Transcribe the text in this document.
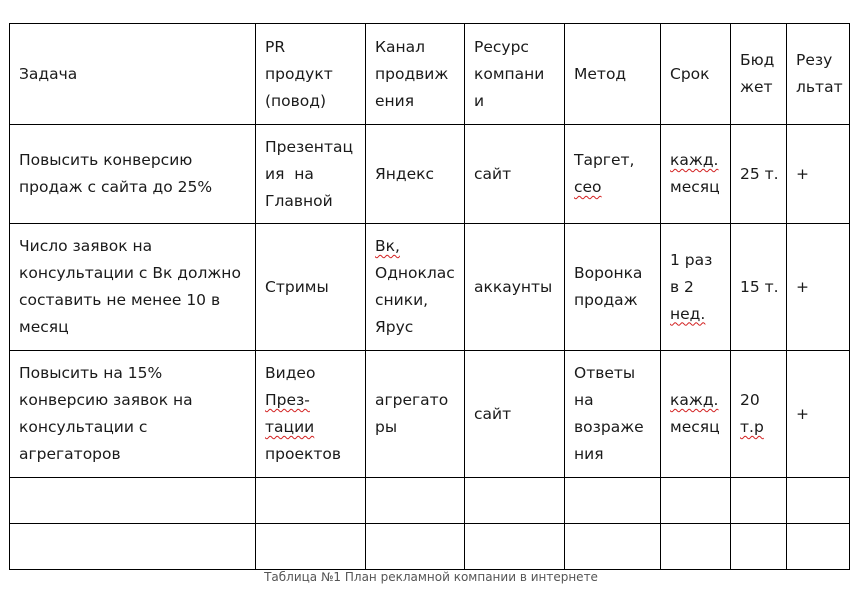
Задача	PR
продукт
(повод)	Канал
продвиж
ения	Ресурс
компани
и	Метод	Срок	Бюд
жет	Резу
льтат

Повысить конверсию
продаж с сайта до 25%	Презентац
ия  на
Главной	Яндекс	сайт	Таргет,
сео	кажд.
месяц	25 т.	+

Число заявок на
консультации с Вк должно
составить не менее 10 в
месяц	Стримы	Вк,
Однoклас
сники,
Ярус	аккаунты	Воронка
продаж	1 раз
в 2
нед.	15 т.	+

Повысить на 15%
конверсию заявок на
консультации с
агрегаторов	Видео
През-
тации
проектов	агрегато
ры	сайт	Ответы
на
возраже
ния	кажд.
месяц	20
т.р	+

Таблица №1 План рекламной компании в интернете
